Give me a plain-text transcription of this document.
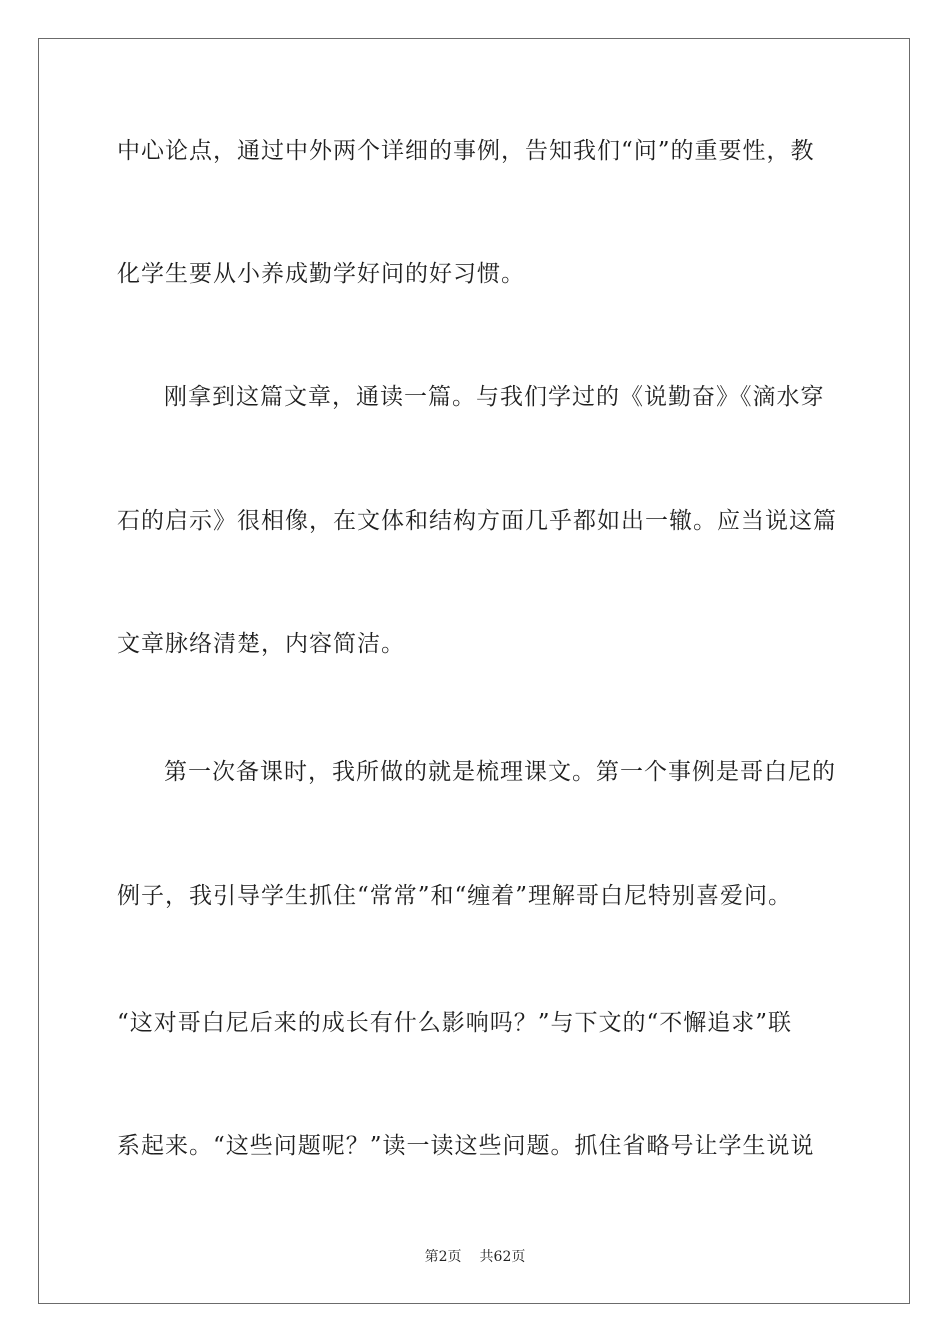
中心论点，通过中外两个详细的事例，告知我们“问”的重要性，教
化学生要从小养成勤学好问的好习惯。
刚拿到这篇文章，通读一篇。与我们学过的《说勤奋》《滴水穿
石的启示》很相像，在文体和结构方面几乎都如出一辙。应当说这篇
文章脉络清楚，内容简洁。
第一次备课时，我所做的就是梳理课文。第一个事例是哥白尼的
例子，我引导学生抓住“常常”和“缠着”理解哥白尼特别喜爱问。
“这对哥白尼后来的成长有什么影响吗？”与下文的“不懈追求”联
系起来。“这些问题呢？”读一读这些问题。抓住省略号让学生说说
第2页 共62页
